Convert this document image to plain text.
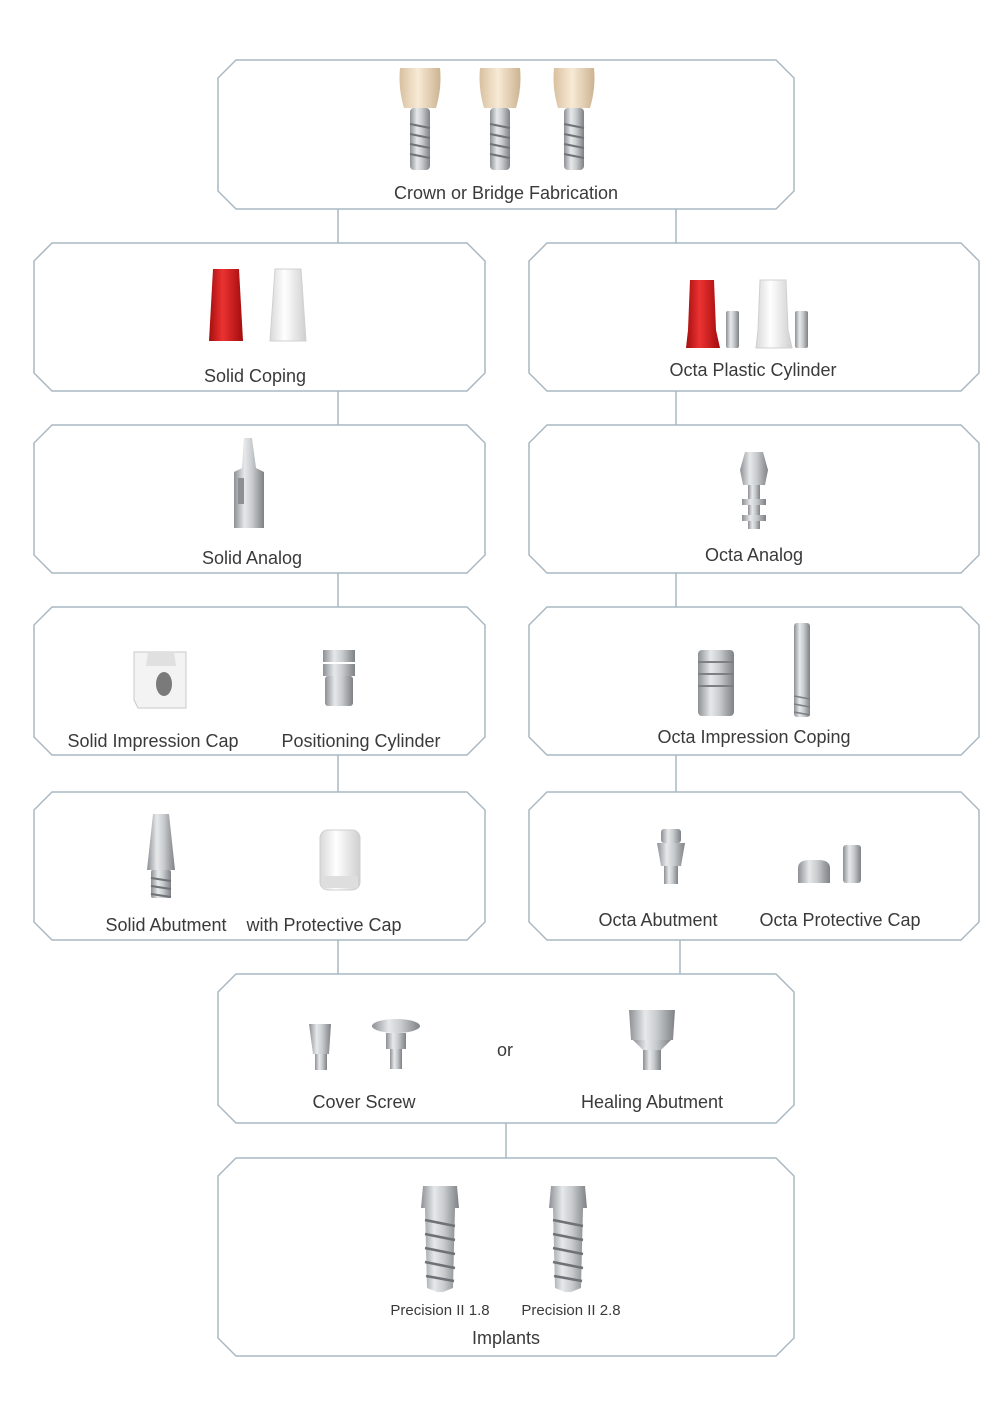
Crown or Bridge Fabrication
Solid Coping	Octa Plastic Cylinder
Solid Analog	Octa Analog
Solid Impression Cap Positioning Cylinder	Octa Impression Coping
Solid Abutment with Protective Cap	Octa Abutment Octa Protective Cap
Cover Screw
or
Healing Abutment
Precision II 1.8 Precision II 2.8
Implants
